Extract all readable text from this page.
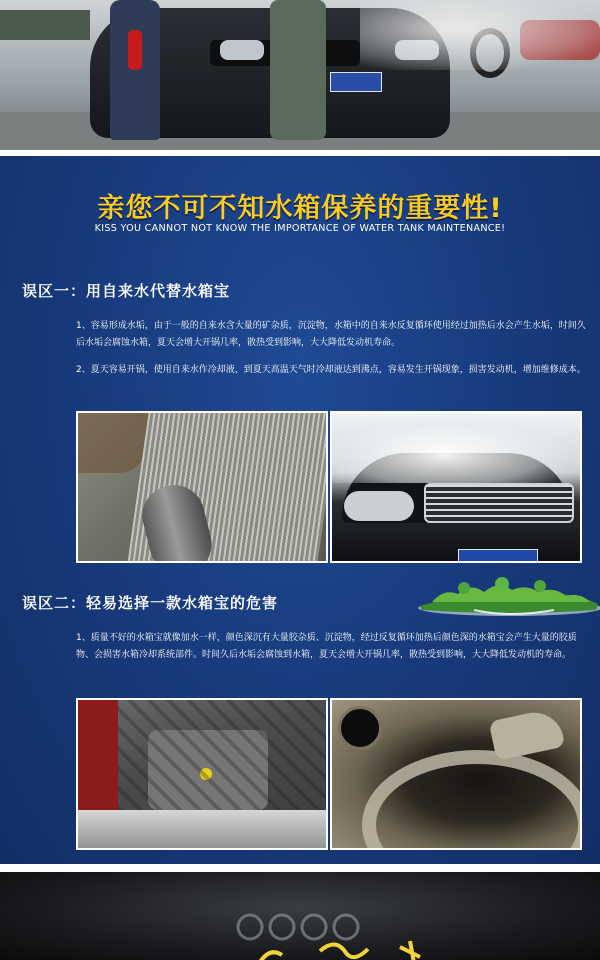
亲您不可不知水箱保养的重要性!
KISS YOU CANNOT NOT KNOW THE IMPORTANCE OF WATER TANK MAINTENANCE!
误区一：用自来水代替水箱宝
1、容易形成水垢，由于一般的自来水含大量的矿杂质，沉淀物，水箱中的自来水反复循环使用经过加热后水会产生水垢，时间久后水垢会腐蚀水箱，夏天会增大开锅几率，散热受到影响，大大降低发动机寿命。
2、夏天容易开锅，使用自来水作冷却液，到夏天高温天气时冷却液达到沸点，容易发生开锅现象，损害发动机，增加维修成本。
误区二：轻易选择一款水箱宝的危害
1、质量不好的水箱宝就像加水一样，颜色深沉有大量胶杂质、沉淀物，经过反复循环加热后颜色深的水箱宝会产生大量的胶质物、会损害水箱冷却系统部件。时间久后水垢会腐蚀到水箱，夏天会增大开锅几率，散热受到影响，大大降低发动机的寿命。
